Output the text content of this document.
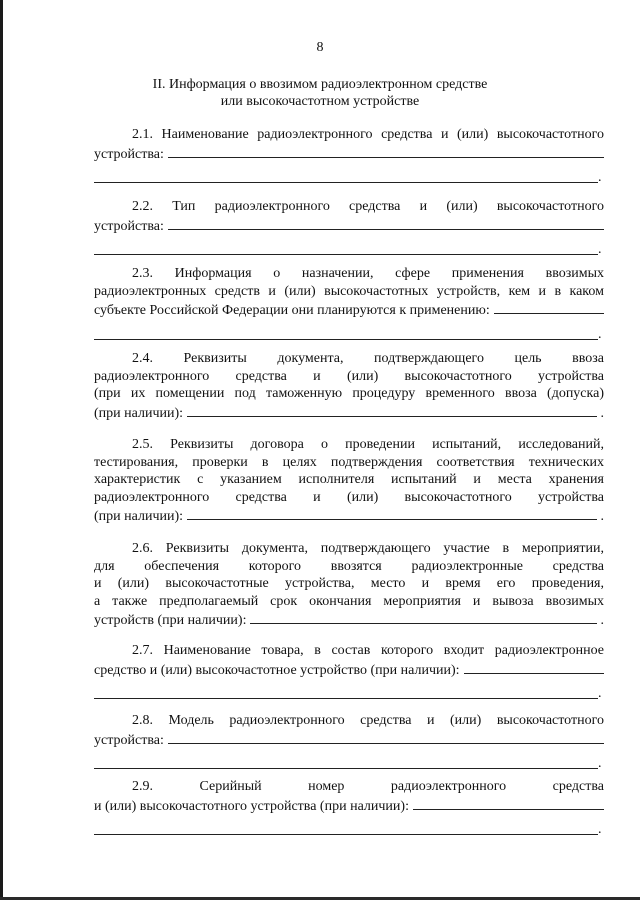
8
II. Информация о ввозимом радиоэлектронном средстве
или высокочастотном устройстве

2.1. Наименование радиоэлектронного средства и (или) высокочастотного

устройства:
.

2.2. Тип радиоэлектронного средства и (или) высокочастотного

устройства:
.

2.3. Информация о назначении, сфере применения ввозимых

радиоэлектронных средств и (или) высокочастотных устройств, кем и в каком

субъекте Российской Федерации они планируются к применению:
.

2.4. Реквизиты документа, подтверждающего цель ввоза

радиоэлектронного средства и (или) высокочастотного устройства

(при их помещении под таможенную процедуру временного ввоза (допуска)

(при наличии):	.

2.5. Реквизиты договора о проведении испытаний, исследований,

тестирования, проверки в целях подтверждения соответствия технических

характеристик с указанием исполнителя испытаний и места хранения

радиоэлектронного средства и (или) высокочастотного устройства

(при наличии):	.

2.6. Реквизиты документа, подтверждающего участие в мероприятии,

для обеспечения которого ввозятся радиоэлектронные средства

и (или) высокочастотные устройства, место и время его проведения,

а также предполагаемый срок окончания мероприятия и вывоза ввозимых

устройств (при наличии):	.

2.7. Наименование товара, в состав которого входит радиоэлектронное

средство и (или) высокочастотное устройство (при наличии):
.

2.8. Модель радиоэлектронного средства и (или) высокочастотного

устройства:
.

2.9. Серийный номер радиоэлектронного средства

и (или) высокочастотного устройства (при наличии):
.
